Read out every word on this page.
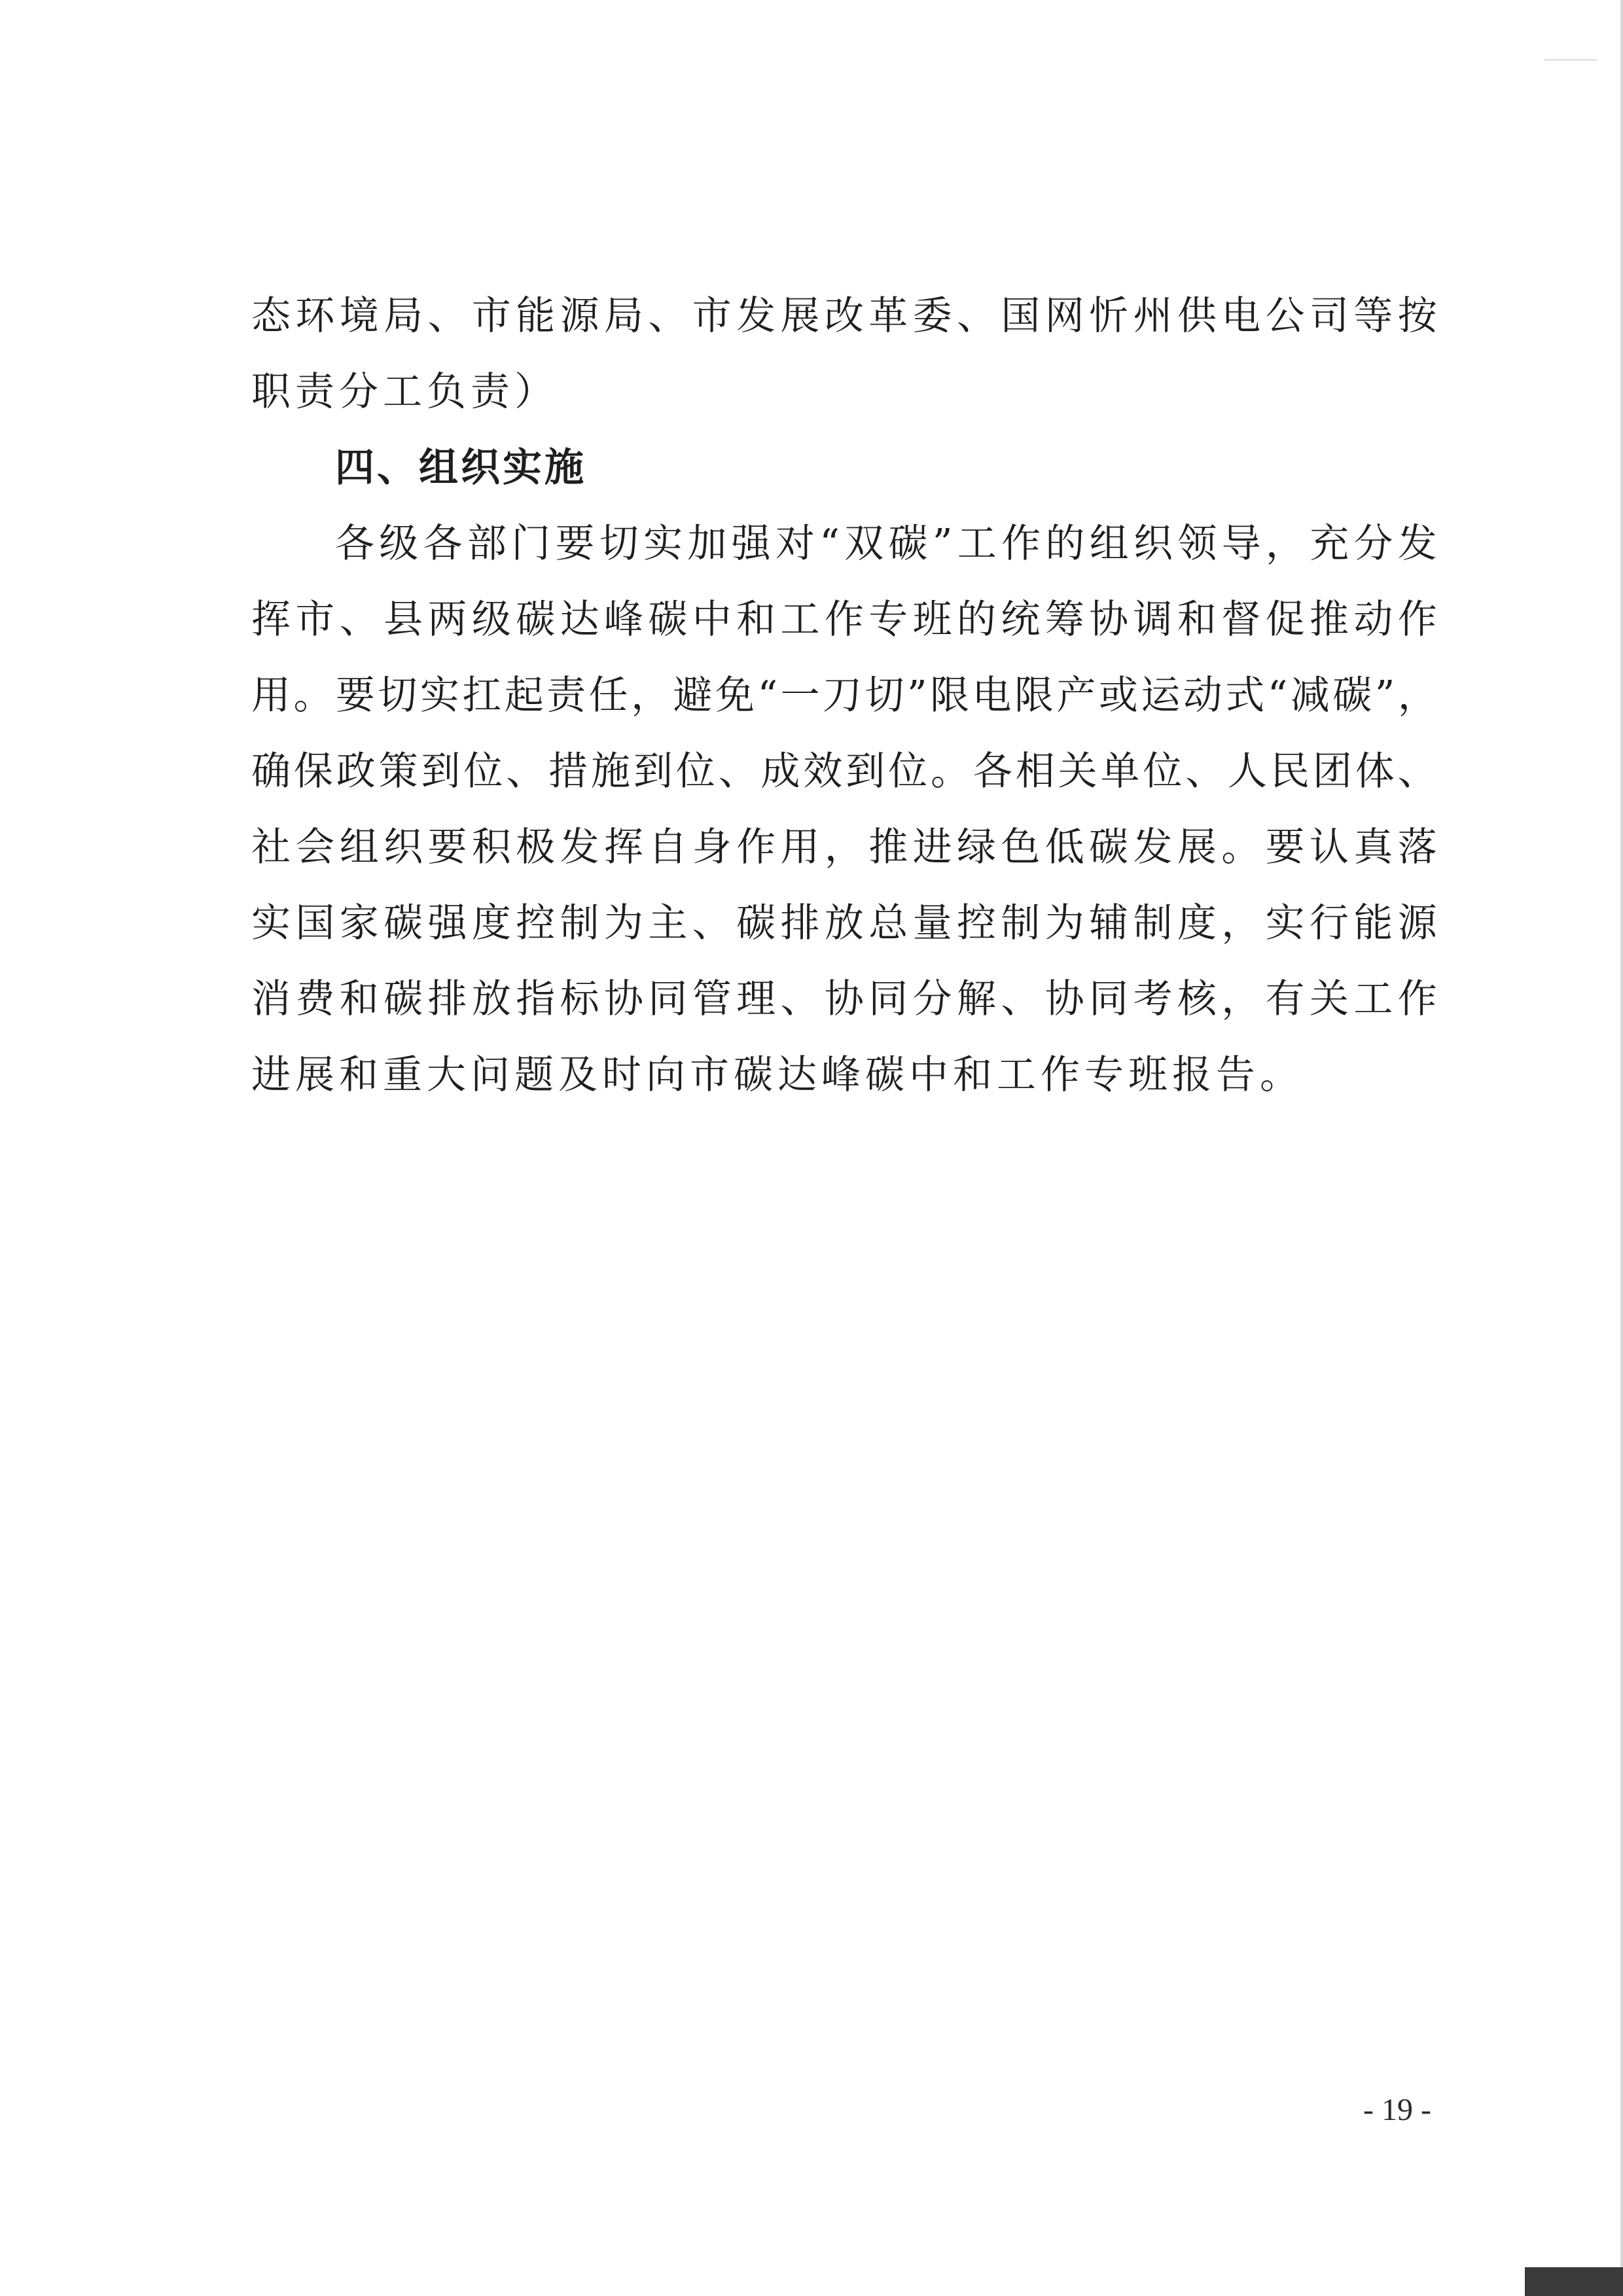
态 环 境 局 、 市 能 源 局 、 市 发 展 改 革 委 、 国 网 忻 州 供 电 公 司 等 按
职责分工负责）
四、组织实施
各 级 各 部 门 要 切 实 加 强 对 “ 双 碳 ” 工 作 的 组 织 领 导 ， 充 分 发
挥 市 、 县 两 级 碳 达 峰 碳 中 和 工 作 专 班 的 统 筹 协 调 和 督 促 推 动 作
用 。 要 切 实 扛 起 责 任 ， 避 免 “ 一 刀 切 ” 限 电 限 产 或 运 动 式 “ 减 碳 ” ，
确 保 政 策 到 位 、 措 施 到 位 、 成 效 到 位 。 各 相 关 单 位 、 人 民 团 体 、
社 会 组 织 要 积 极 发 挥 自 身 作 用 ， 推 进 绿 色 低 碳 发 展 。 要 认 真 落
实 国 家 碳 强 度 控 制 为 主 、 碳 排 放 总 量 控 制 为 辅 制 度 ， 实 行 能 源
消 费 和 碳 排 放 指 标 协 同 管 理 、 协 同 分 解 、 协 同 考 核 ， 有 关 工 作
进展和重大问题及时向市碳达峰碳中和工作专班报告。
- 19 -
